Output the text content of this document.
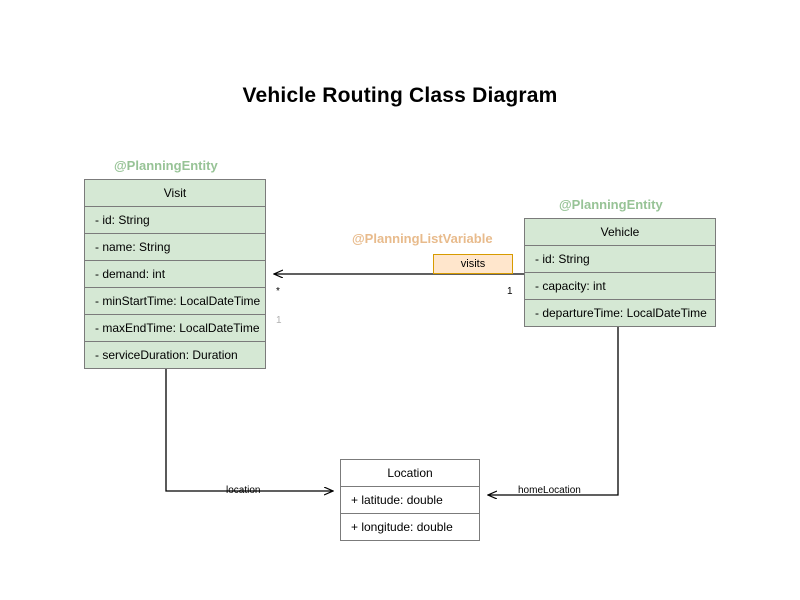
Vehicle Routing Class Diagram
@PlanningEntity
Visit
- id: String
- name: String
- demand: int
- minStartTime: LocalDateTime
- maxEndTime: LocalDateTime
- serviceDuration: Duration
@PlanningEntity
Vehicle
- id: String
- capacity: int
- departureTime: LocalDateTime
Location
+ latitude: double
+ longitude: double
@PlanningListVariable
visits
*	1
1
location	homeLocation
